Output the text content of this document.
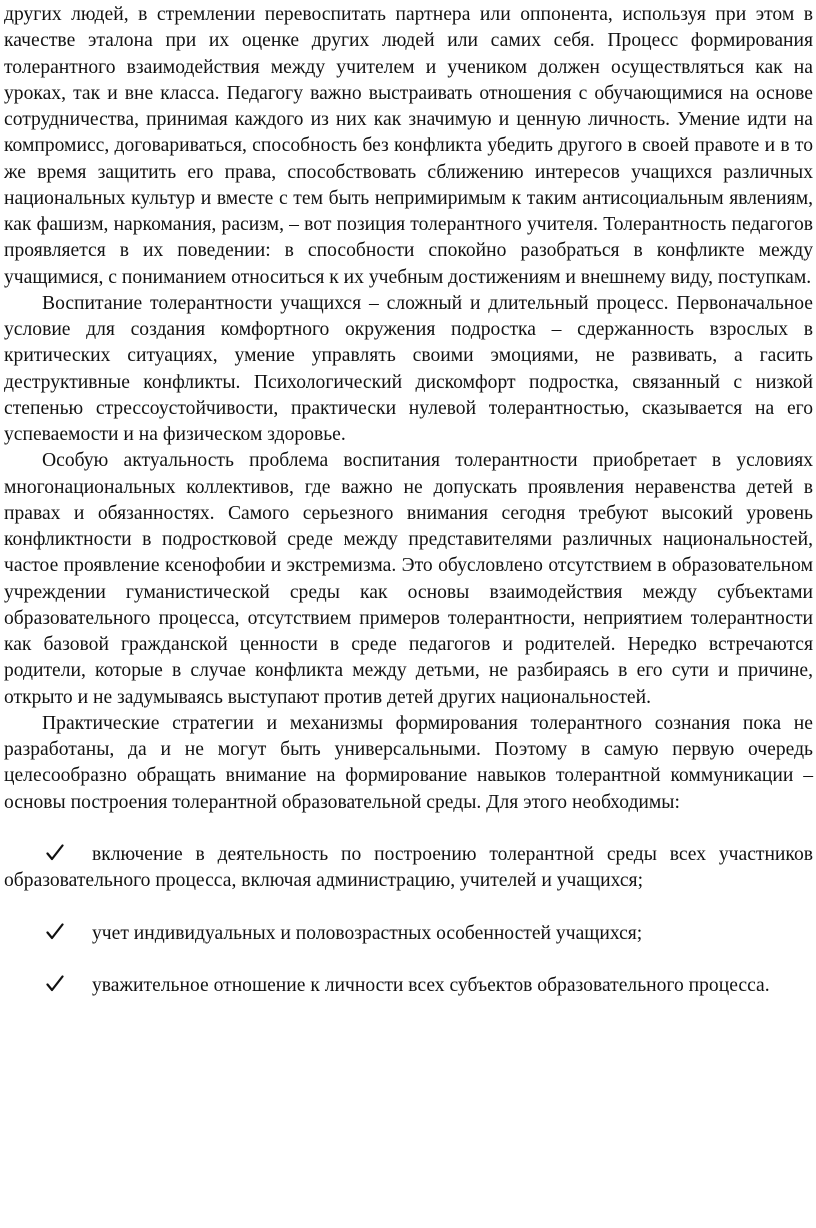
других людей, в стремлении перевоспитать партнера или оппонента, используя при этом в качестве эталона при их оценке других людей или самих себя. Процесс формирования толерантного взаимодействия между учителем и учеником должен осуществляться как на уроках, так и вне класса. Педагогу важно выстраивать отношения с обучающимися на основе сотрудничества, принимая каждого из них как значимую и ценную личность. Умение идти на компромисс, договариваться, способность без конфликта убедить другого в своей правоте и в то же время защитить его права, способствовать сближению интересов учащихся различных национальных культур и вместе с тем быть непримиримым к таким антисоциальным явлениям, как фашизм, наркомания, расизм, – вот позиция толерантного учителя. Толерантность педагогов проявляется в их поведении: в способности спокойно разобраться в конфликте между учащимися, с пониманием относиться к их учебным достижениям и внешнему виду, поступкам.

Воспитание толерантности учащихся – сложный и длительный процесс. Первоначальное условие для создания комфортного окружения подростка – сдержанность взрослых в критических ситуациях, умение управлять своими эмоциями, не развивать, а гасить деструктивные конфликты. Психологический дискомфорт подростка, связанный с низкой степенью стрессоустойчивости, практически нулевой толерантностью, сказывается на его успеваемости и на физическом здоровье.

Особую актуальность проблема воспитания толерантности приобретает в условиях многонациональных коллективов, где важно не допускать проявления неравенства детей в правах и обязанностях. Самого серьезного внимания сегодня требуют высокий уровень конфликтности в подростковой среде между представителями различных национальностей, частое проявление ксенофобии и экстремизма. Это обусловлено отсутствием в образовательном учреждении гуманистической среды как основы взаимодействия между субъектами образовательного процесса, отсутствием примеров толерантности, неприятием толерантности как базовой гражданской ценности в среде педагогов и родителей. Нередко встречаются родители, которые в случае конфликта между детьми, не разбираясь в его сути и причине, открыто и не задумываясь выступают против детей других национальностей.

Практические стратегии и механизмы формирования толерантного сознания пока не разработаны, да и не могут быть универсальными. Поэтому в самую первую очередь целесообразно обращать внимание на формирование навыков толерантной коммуникации – основы построения толерантной образовательной среды. Для этого необходимы:

включение в деятельность по построению толерантной среды всех участников образовательного процесса, включая администрацию, учителей и учащихся;

учет индивидуальных и половозрастных особенностей учащихся;

уважительное отношение к личности всех субъектов образовательного процесса.
